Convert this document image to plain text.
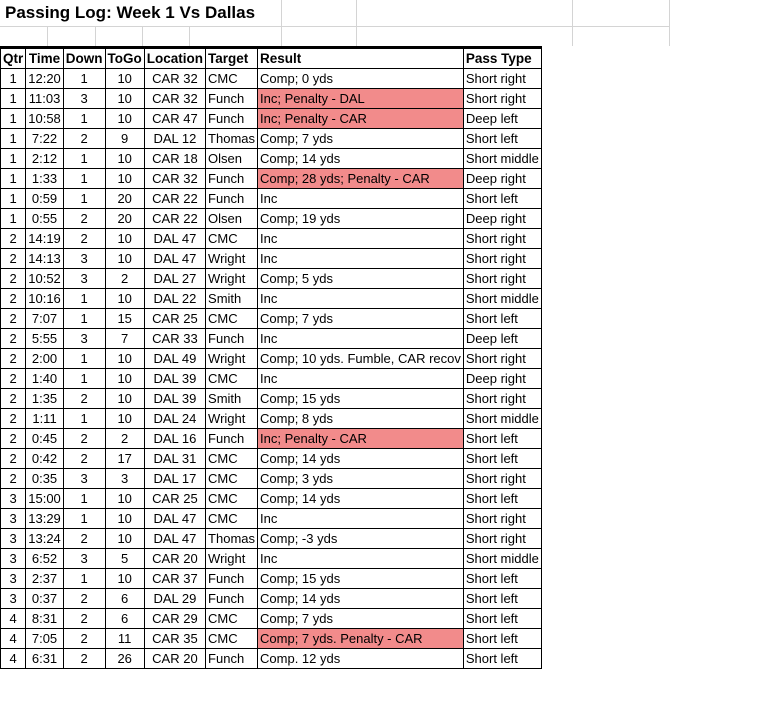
Passing Log: Week 1 Vs Dallas
Qtr	Time	Down	ToGo	Location	Target	Result	Pass Type
1	12:20	1	10	CAR 32	CMC	Comp; 0 yds	Short right
1	11:03	3	10	CAR 32	Funch	Inc; Penalty - DAL	Short right
1	10:58	1	10	CAR 47	Funch	Inc; Penalty - CAR	Deep left
1	7:22	2	9	DAL 12	Thomas	Comp; 7 yds	Short left
1	2:12	1	10	CAR 18	Olsen	Comp; 14 yds	Short middle
1	1:33	1	10	CAR 32	Funch	Comp; 28 yds; Penalty - CAR	Deep right
1	0:59	1	20	CAR 22	Funch	Inc	Short left
1	0:55	2	20	CAR 22	Olsen	Comp; 19 yds	Deep right
2	14:19	2	10	DAL 47	CMC	Inc	Short right
2	14:13	3	10	DAL 47	Wright	Inc	Short right
2	10:52	3	2	DAL 27	Wright	Comp; 5 yds	Short right
2	10:16	1	10	DAL 22	Smith	Inc	Short middle
2	7:07	1	15	CAR 25	CMC	Comp; 7 yds	Short left
2	5:55	3	7	CAR 33	Funch	Inc	Deep left
2	2:00	1	10	DAL 49	Wright	Comp; 10 yds. Fumble, CAR recov	Short right
2	1:40	1	10	DAL 39	CMC	Inc	Deep right
2	1:35	2	10	DAL 39	Smith	Comp; 15 yds	Short right
2	1:11	1	10	DAL 24	Wright	Comp; 8 yds	Short middle
2	0:45	2	2	DAL 16	Funch	Inc; Penalty - CAR	Short left
2	0:42	2	17	DAL 31	CMC	Comp; 14 yds	Short left
2	0:35	3	3	DAL 17	CMC	Comp; 3 yds	Short right
3	15:00	1	10	CAR 25	CMC	Comp; 14 yds	Short left
3	13:29	1	10	DAL 47	CMC	Inc	Short right
3	13:24	2	10	DAL 47	Thomas	Comp; -3 yds	Short right
3	6:52	3	5	CAR 20	Wright	Inc	Short middle
3	2:37	1	10	CAR 37	Funch	Comp; 15 yds	Short left
3	0:37	2	6	DAL 29	Funch	Comp; 14 yds	Short left
4	8:31	2	6	CAR 29	CMC	Comp; 7 yds	Short left
4	7:05	2	11	CAR 35	CMC	Comp; 7 yds. Penalty - CAR	Short left
4	6:31	2	26	CAR 20	Funch	Comp. 12 yds	Short left
